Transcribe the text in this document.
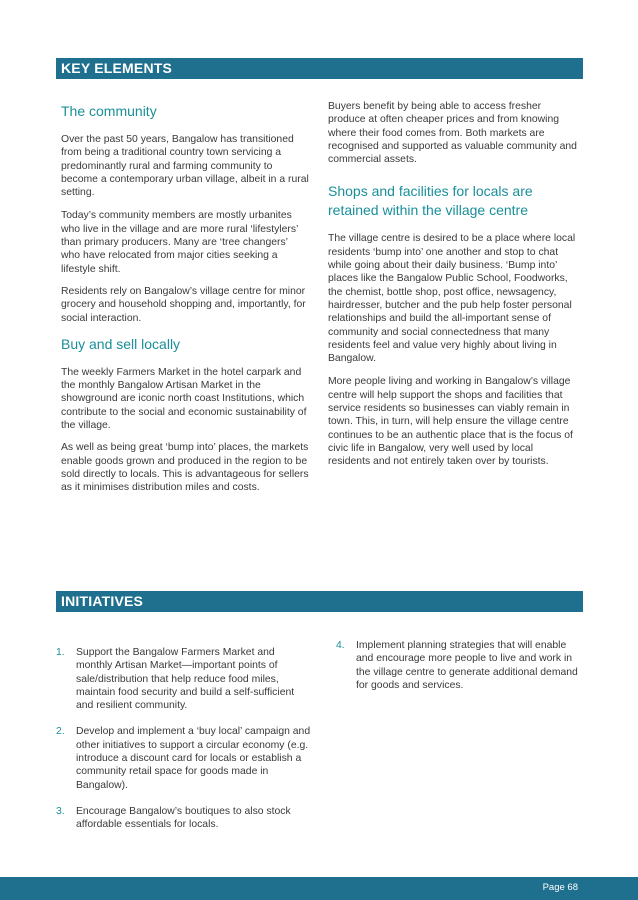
KEY ELEMENTS
The community

Over the past 50 years, Bangalow has transitioned from being a traditional country town servicing a predominantly rural and farming community to become a contemporary urban village, albeit in a rural setting.

Today’s community members are mostly urbanites who live in the village and are more rural ‘lifestylers’ than primary producers. Many are ‘tree changers’ who have relocated from major cities seeking a lifestyle shift.

Residents rely on Bangalow’s village centre for minor grocery and household shopping and, importantly, for social interaction.

Buy and sell locally

The weekly Farmers Market in the hotel carpark and the monthly Bangalow Artisan Market in the showground are iconic north coast Institutions, which contribute to the social and economic sustainability of the village.

As well as being great ‘bump into’ places, the markets enable goods grown and produced in the region to be sold directly to locals. This is advantageous for sellers as it minimises distribution miles and costs.

Buyers benefit by being able to access fresher produce at often cheaper prices and from knowing where their food comes from. Both markets are recognised and supported as valuable community and commercial assets.

Shops and facilities for locals are retained within the village centre

The village centre is desired to be a place where local residents ‘bump into’ one another and stop to chat while going about their daily business. ‘Bump into’ places like the Bangalow Public School, Foodworks, the chemist, bottle shop, post office, newsagency, hairdresser, butcher and the pub help foster personal relationships and build the all-important sense of community and social connectedness that many residents feel and value very highly about living in Bangalow.

More people living and working in Bangalow’s village centre will help support the shops and facilities that service residents so businesses can viably remain in town. This, in turn, will help ensure the village centre continues to be an authentic place that is the focus of civic life in Bangalow, very well used by local residents and not entirely taken over by tourists.

INITIATIVES
1. Support the Bangalow Farmers Market and monthly Artisan Market—important points of sale/distribution that help reduce food miles, maintain food security and build a self-sufficient and resilient community.
2. Develop and implement a ‘buy local’ campaign and other initiatives to support a circular economy (e.g. introduce a discount card for locals or establish a community retail space for goods made in Bangalow).
3. Encourage Bangalow’s boutiques to also stock affordable essentials for locals.
4. Implement planning strategies that will enable and encourage more people to live and work in the village centre to generate additional demand for goods and services.
Page 68
